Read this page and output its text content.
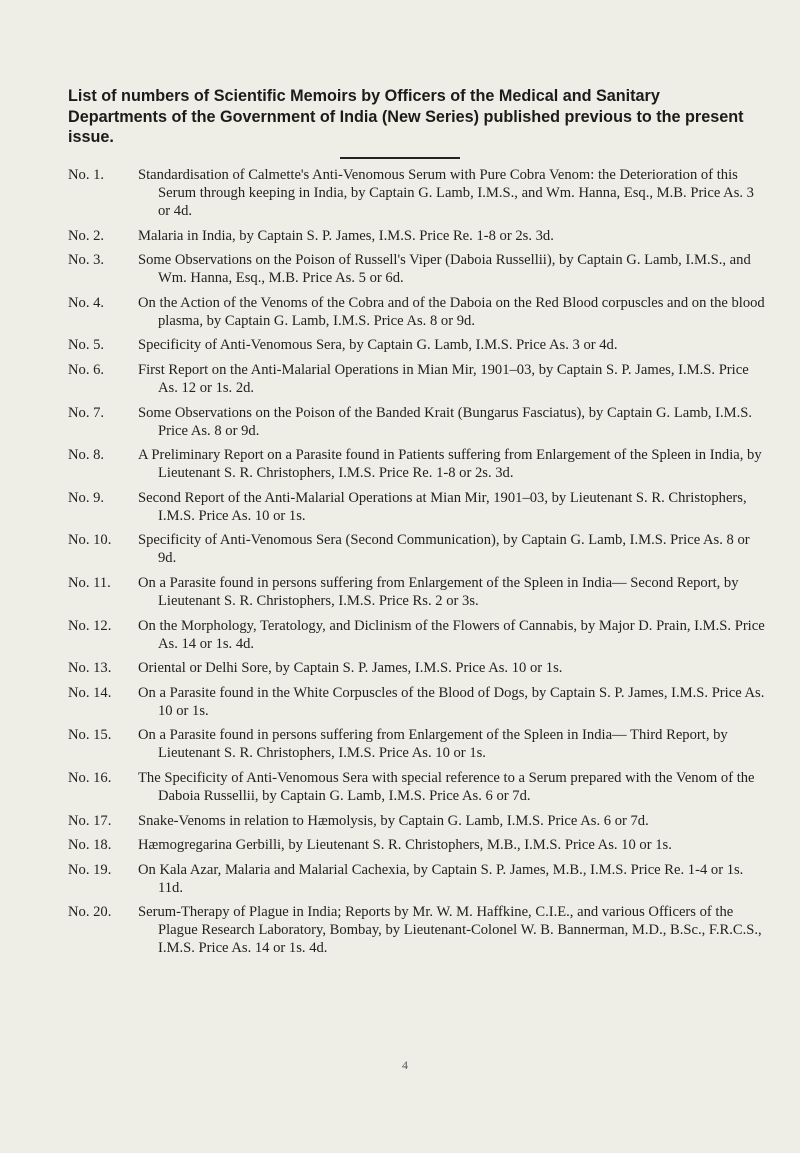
List of numbers of Scientific Memoirs by Officers of the Medical and Sanitary Departments of the Government of India (New Series) published previous to the present issue.
No. 1.	Standardisation of Calmette's Anti-Venomous Serum with Pure Cobra Venom: the Deterioration of this Serum through keeping in India, by Captain G. Lamb, I.M.S., and Wm. Hanna, Esq., M.B. Price As. 3 or 4d.
No. 2.	Malaria in India, by Captain S. P. James, I.M.S. Price Re. 1-8 or 2s. 3d.
No. 3.	Some Observations on the Poison of Russell's Viper (Daboia Russellii), by Captain G. Lamb, I.M.S., and Wm. Hanna, Esq., M.B. Price As. 5 or 6d.
No. 4.	On the Action of the Venoms of the Cobra and of the Daboia on the Red Blood corpuscles and on the blood plasma, by Captain G. Lamb, I.M.S. Price As. 8 or 9d.
No. 5.	Specificity of Anti-Venomous Sera, by Captain G. Lamb, I.M.S. Price As. 3 or 4d.
No. 6.	First Report on the Anti-Malarial Operations in Mian Mir, 1901–03, by Captain S. P. James, I.M.S. Price As. 12 or 1s. 2d.
No. 7.	Some Observations on the Poison of the Banded Krait (Bungarus Fasciatus), by Captain G. Lamb, I.M.S. Price As. 8 or 9d.
No. 8.	A Preliminary Report on a Parasite found in Patients suffering from Enlargement of the Spleen in India, by Lieutenant S. R. Christophers, I.M.S. Price Re. 1-8 or 2s. 3d.
No. 9.	Second Report of the Anti-Malarial Operations at Mian Mir, 1901–03, by Lieutenant S. R. Christophers, I.M.S. Price As. 10 or 1s.
No. 10.	Specificity of Anti-Venomous Sera (Second Communication), by Captain G. Lamb, I.M.S. Price As. 8 or 9d.
No. 11.	On a Parasite found in persons suffering from Enlargement of the Spleen in India— Second Report, by Lieutenant S. R. Christophers, I.M.S. Price Rs. 2 or 3s.
No. 12.	On the Morphology, Teratology, and Diclinism of the Flowers of Cannabis, by Major D. Prain, I.M.S. Price As. 14 or 1s. 4d.
No. 13.	Oriental or Delhi Sore, by Captain S. P. James, I.M.S. Price As. 10 or 1s.
No. 14.	On a Parasite found in the White Corpuscles of the Blood of Dogs, by Captain S. P. James, I.M.S. Price As. 10 or 1s.
No. 15.	On a Parasite found in persons suffering from Enlargement of the Spleen in India— Third Report, by Lieutenant S. R. Christophers, I.M.S. Price As. 10 or 1s.
No. 16.	The Specificity of Anti-Venomous Sera with special reference to a Serum prepared with the Venom of the Daboia Russellii, by Captain G. Lamb, I.M.S. Price As. 6 or 7d.
No. 17.	Snake-Venoms in relation to Hæmolysis, by Captain G. Lamb, I.M.S. Price As. 6 or 7d.
No. 18.	Hæmogregarina Gerbilli, by Lieutenant S. R. Christophers, M.B., I.M.S. Price As. 10 or 1s.
No. 19.	On Kala Azar, Malaria and Malarial Cachexia, by Captain S. P. James, M.B., I.M.S. Price Re. 1-4 or 1s. 11d.
No. 20.	Serum-Therapy of Plague in India; Reports by Mr. W. M. Haffkine, C.I.E., and various Officers of the Plague Research Laboratory, Bombay, by Lieutenant-Colonel W. B. Bannerman, M.D., B.Sc., F.R.C.S., I.M.S. Price As. 14 or 1s. 4d.
4
